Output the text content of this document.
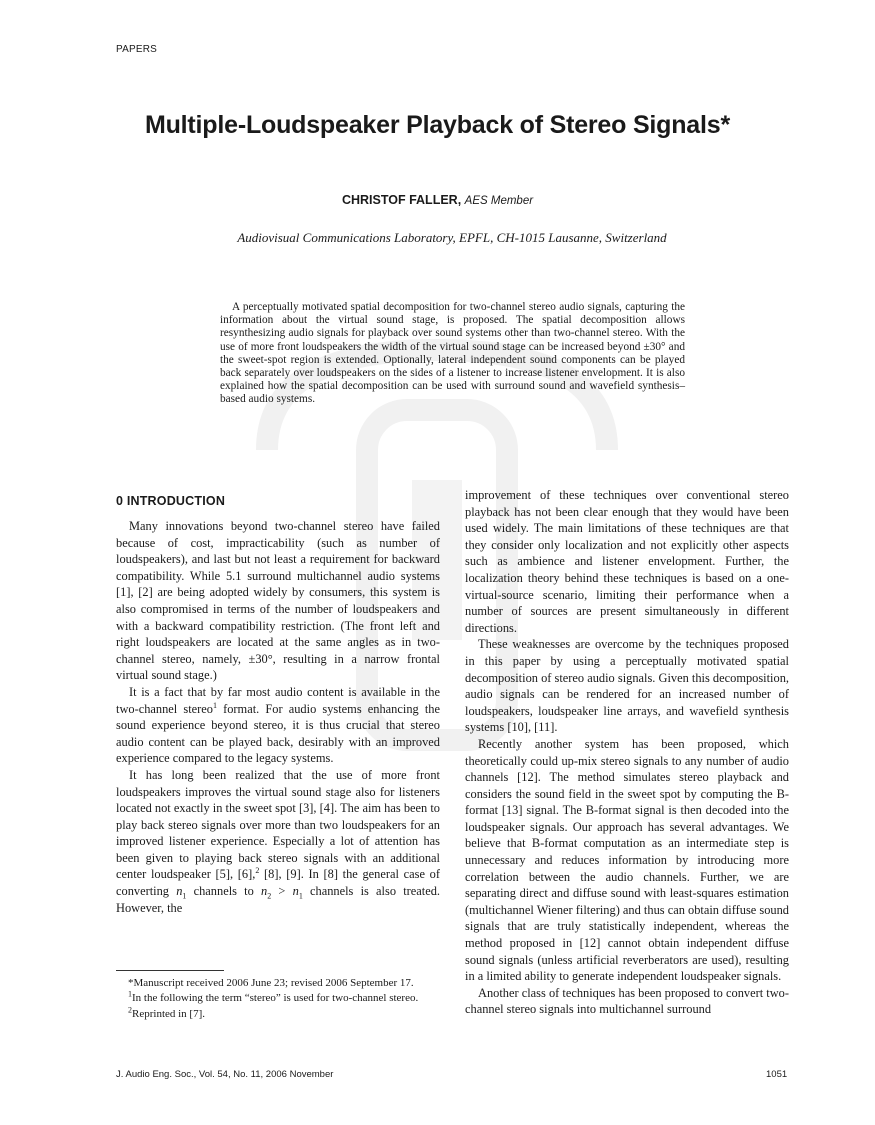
PAPERS
Multiple-Loudspeaker Playback of Stereo Signals*
CHRISTOF FALLER, AES Member
Audiovisual Communications Laboratory, EPFL, CH-1015 Lausanne, Switzerland

A perceptually motivated spatial decomposition for two-channel stereo audio signals, capturing the information about the virtual sound stage, is proposed. The spatial decomposition allows resynthesizing audio signals for playback over sound systems other than two-channel stereo. With the use of more front loudspeakers the width of the virtual sound stage can be increased beyond ±30° and the sweet-spot region is extended. Optionally, lateral independent sound components can be played back separately over loudspeakers on the sides of a listener to increase listener envelopment. It is also explained how the spatial decomposition can be used with surround sound and wavefield synthesis–based audio systems.

0 INTRODUCTION

Many innovations beyond two-channel stereo have failed because of cost, impracticability (such as number of loudspeakers), and last but not least a requirement for backward compatibility. While 5.1 surround multichannel audio systems [1], [2] are being adopted widely by consumers, this system is also compromised in terms of the number of loudspeakers and with a backward compatibility restriction. (The front left and right loudspeakers are located at the same angles as in two-channel stereo, namely, ±30°, resulting in a narrow frontal virtual sound stage.)

It is a fact that by far most audio content is available in the two-channel stereo$^1$ format. For audio systems enhancing the sound experience beyond stereo, it is thus crucial that stereo audio content can be played back, desirably with an improved experience compared to the legacy systems.

It has long been realized that the use of more front loudspeakers improves the virtual sound stage also for listeners located not exactly in the sweet spot [3], [4]. The aim has been to play back stereo signals over more than two loudspeakers for an improved listener experience. Especially a lot of attention has been given to playing back stereo signals with an additional center loudspeaker [5], [6],$^2$ [8], [9]. In [8] the general case of converting $n_1$ channels to $n_2 > n_1$ channels is also treated. However, the

improvement of these techniques over conventional stereo playback has not been clear enough that they would have been used widely. The main limitations of these techniques are that they consider only localization and not explicitly other aspects such as ambience and listener envelopment. Further, the localization theory behind these techniques is based on a one-virtual-source scenario, limiting their performance when a number of sources are present simultaneously in different directions.

These weaknesses are overcome by the techniques proposed in this paper by using a perceptually motivated spatial decomposition of stereo audio signals. Given this decomposition, audio signals can be rendered for an increased number of loudspeakers, loudspeaker line arrays, and wavefield synthesis systems [10], [11].

Recently another system has been proposed, which theoretically could up-mix stereo signals to any number of audio channels [12]. The method simulates stereo playback and considers the sound field in the sweet spot by computing the B-format [13] signal. The B-format signal is then decoded into the loudspeaker signals. Our approach has several advantages. We believe that B-format computation as an intermediate step is unnecessary and reduces information by introducing more correlation between the audio channels. Further, we are separating direct and diffuse sound with least-squares estimation (multichannel Wiener filtering) and thus can obtain diffuse sound signals that are truly statistically independent, whereas the method proposed in [12] cannot obtain independent diffuse sound signals (unless artificial reverberators are used), resulting in a limited ability to generate independent loudspeaker signals.

Another class of techniques has been proposed to convert two-channel stereo signals into multichannel surround

*Manuscript received 2006 June 23; revised 2006 September 17.

$^1$In the following the term “stereo” is used for two-channel stereo.

$^2$Reprinted in [7].

J. Audio Eng. Soc., Vol. 54, No. 11, 2006 November	1051
